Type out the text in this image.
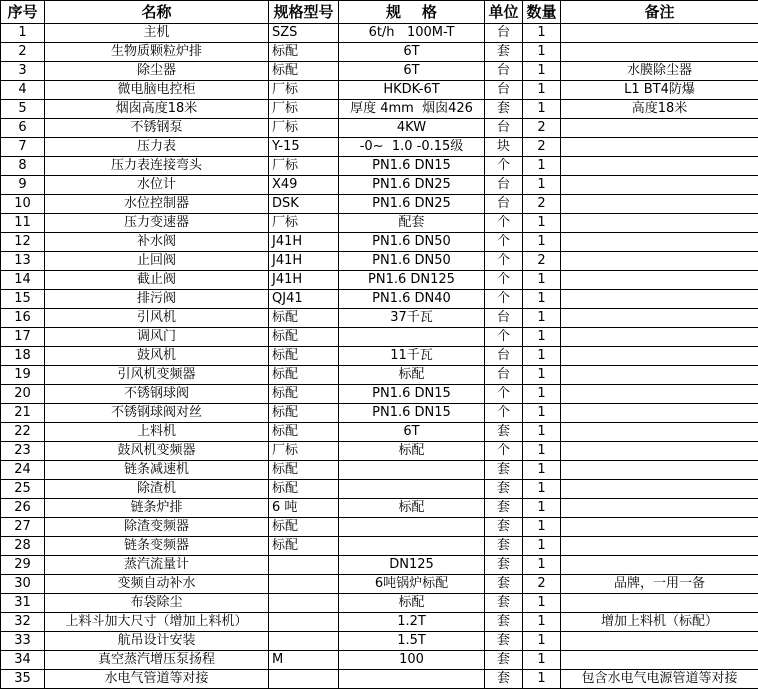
序号	名称	规格型号	规    格	单位	数量	备注
1	主机	SZS	6t/h   100M-T	台	1	
2	生物质颗粒炉排	标配	6T	套	1	
3	除尘器	标配	6T	台	1	水膜除尘器
4	微电脑电控柜	厂标	HKDK-6T	台	1	L1 BT4防爆
5	烟囱高度18米	厂标	厚度 4mm  烟囱426	套	1	高度18米
6	不锈钢泵	厂标	4KW	台	2	
7	压力表	Y-15	-0~  1.0 -0.15级	块	2	
8	压力表连接弯头	厂标	PN1.6 DN15	个	1	
9	水位计	X49	PN1.6 DN25	台	1	
10	水位控制器	DSK	PN1.6 DN25	台	2	
11	压力变速器	厂标	配套	个	1	
12	补水阀	J41H	PN1.6 DN50	个	1	
13	止回阀	J41H	PN1.6 DN50	个	2	
14	截止阀	J41H	PN1.6 DN125	个	1	
15	排污阀	QJ41	PN1.6 DN40	个	1	
16	引风机	标配	37千瓦	台	1	
17	调风门	标配		个	1	
18	鼓风机	标配	11千瓦	台	1	
19	引风机变频器	标配	标配	台	1	
20	不锈钢球阀	标配	PN1.6 DN15	个	1	
21	不锈钢球阀对丝	标配	PN1.6 DN15	个	1	
22	上料机	标配	6T	套	1	
23	鼓风机变频器	厂标	标配	个	1	
24	链条减速机	标配		套	1	
25	除渣机	标配		套	1	
26	链条炉排	6 吨	标配	套	1	
27	除渣变频器	标配		套	1	
28	链条变频器	标配		套	1	
29	蒸汽流量计		DN125	套	1	
30	变频自动补水		6吨锅炉标配	套	2	品牌，一用一备
31	布袋除尘		标配	套	1	
32	上料斗加大尺寸（增加上料机）		1.2T	套	1	增加上料机（标配）
33	航吊设计安装		1.5T	套	1	
34	真空蒸汽增压泵扬程	M	100	套	1	
35	水电气管道等对接			套	1	包含水电气电源管道等对接
